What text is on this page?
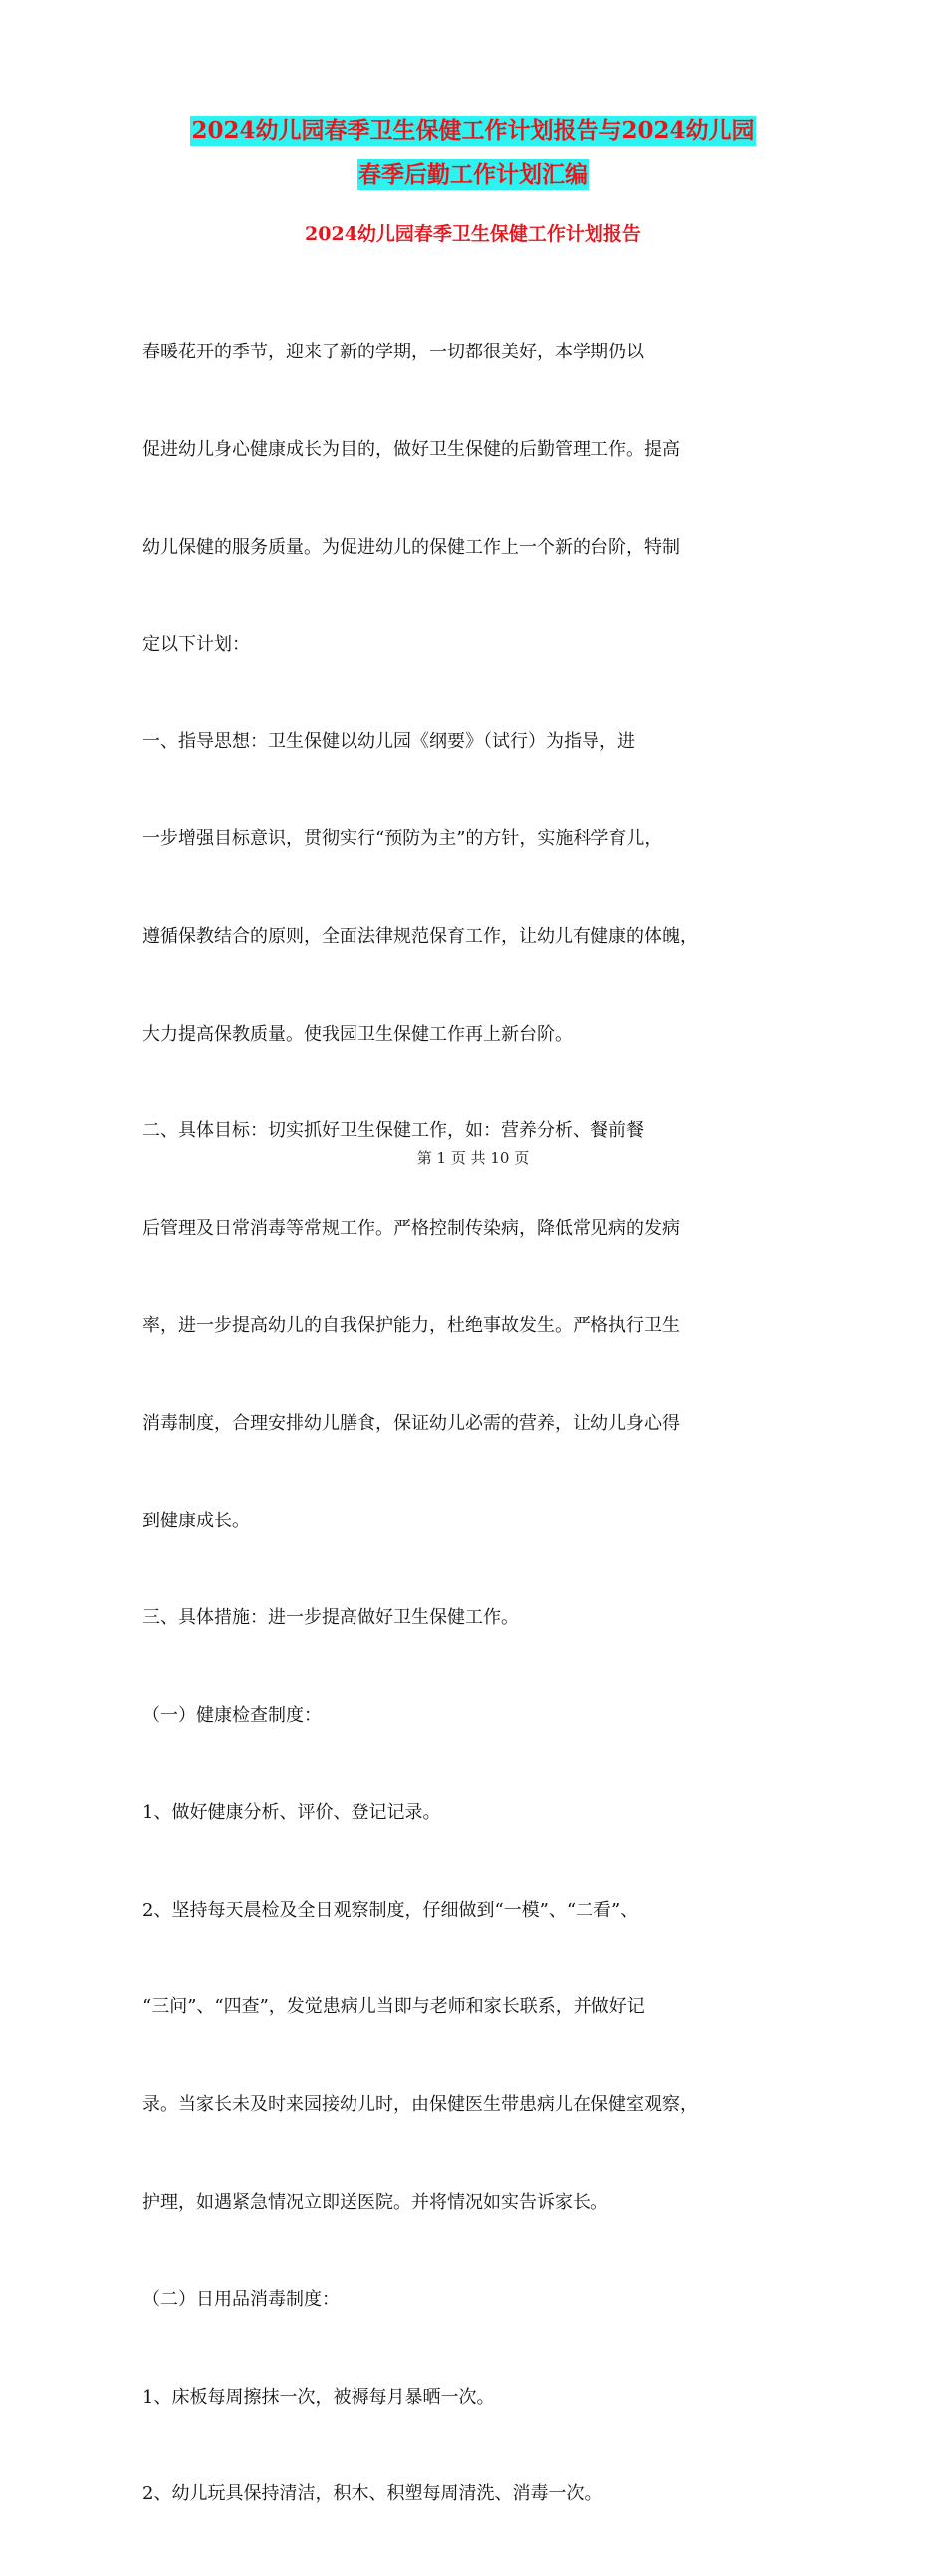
2024幼儿园春季卫生保健工作计划报告与2024幼儿园
春季后勤工作计划汇编
2024幼儿园春季卫生保健工作计划报告

春暖花开的季节，迎来了新的学期，一切都很美好，本学期仍以

促进幼儿身心健康成长为目的，做好卫生保健的后勤管理工作。提高

幼儿保健的服务质量。为促进幼儿的保健工作上一个新的台阶，特制

定以下计划：

一、指导思想：卫生保健以幼儿园《纲要》（试行）为指导，进

一步增强目标意识，贯彻实行“预防为主”的方针，实施科学育儿，

遵循保教结合的原则，全面法律规范保育工作，让幼儿有健康的体魄，

大力提高保教质量。使我园卫生保健工作再上新台阶。

二、具体目标：切实抓好卫生保健工作，如：营养分析、餐前餐

后管理及日常消毒等常规工作。严格控制传染病，降低常见病的发病

率，进一步提高幼儿的自我保护能力，杜绝事故发生。严格执行卫生

消毒制度，合理安排幼儿膳食，保证幼儿必需的营养，让幼儿身心得

到健康成长。

三、具体措施：进一步提高做好卫生保健工作。

（一）健康检查制度：

1、做好健康分析、评价、登记记录。

2、坚持每天晨检及全日观察制度，仔细做到“一模”、“二看”、

“三问”、“四查”，发觉患病儿当即与老师和家长联系，并做好记

录。当家长未及时来园接幼儿时，由保健医生带患病儿在保健室观察，

护理，如遇紧急情况立即送医院。并将情况如实告诉家长。

（二）日用品消毒制度：

1、床板每周擦抹一次，被褥每月暴晒一次。

2、幼儿玩具保持清洁，积木、积塑每周清洗、消毒一次。

第 1 页 共 10 页
